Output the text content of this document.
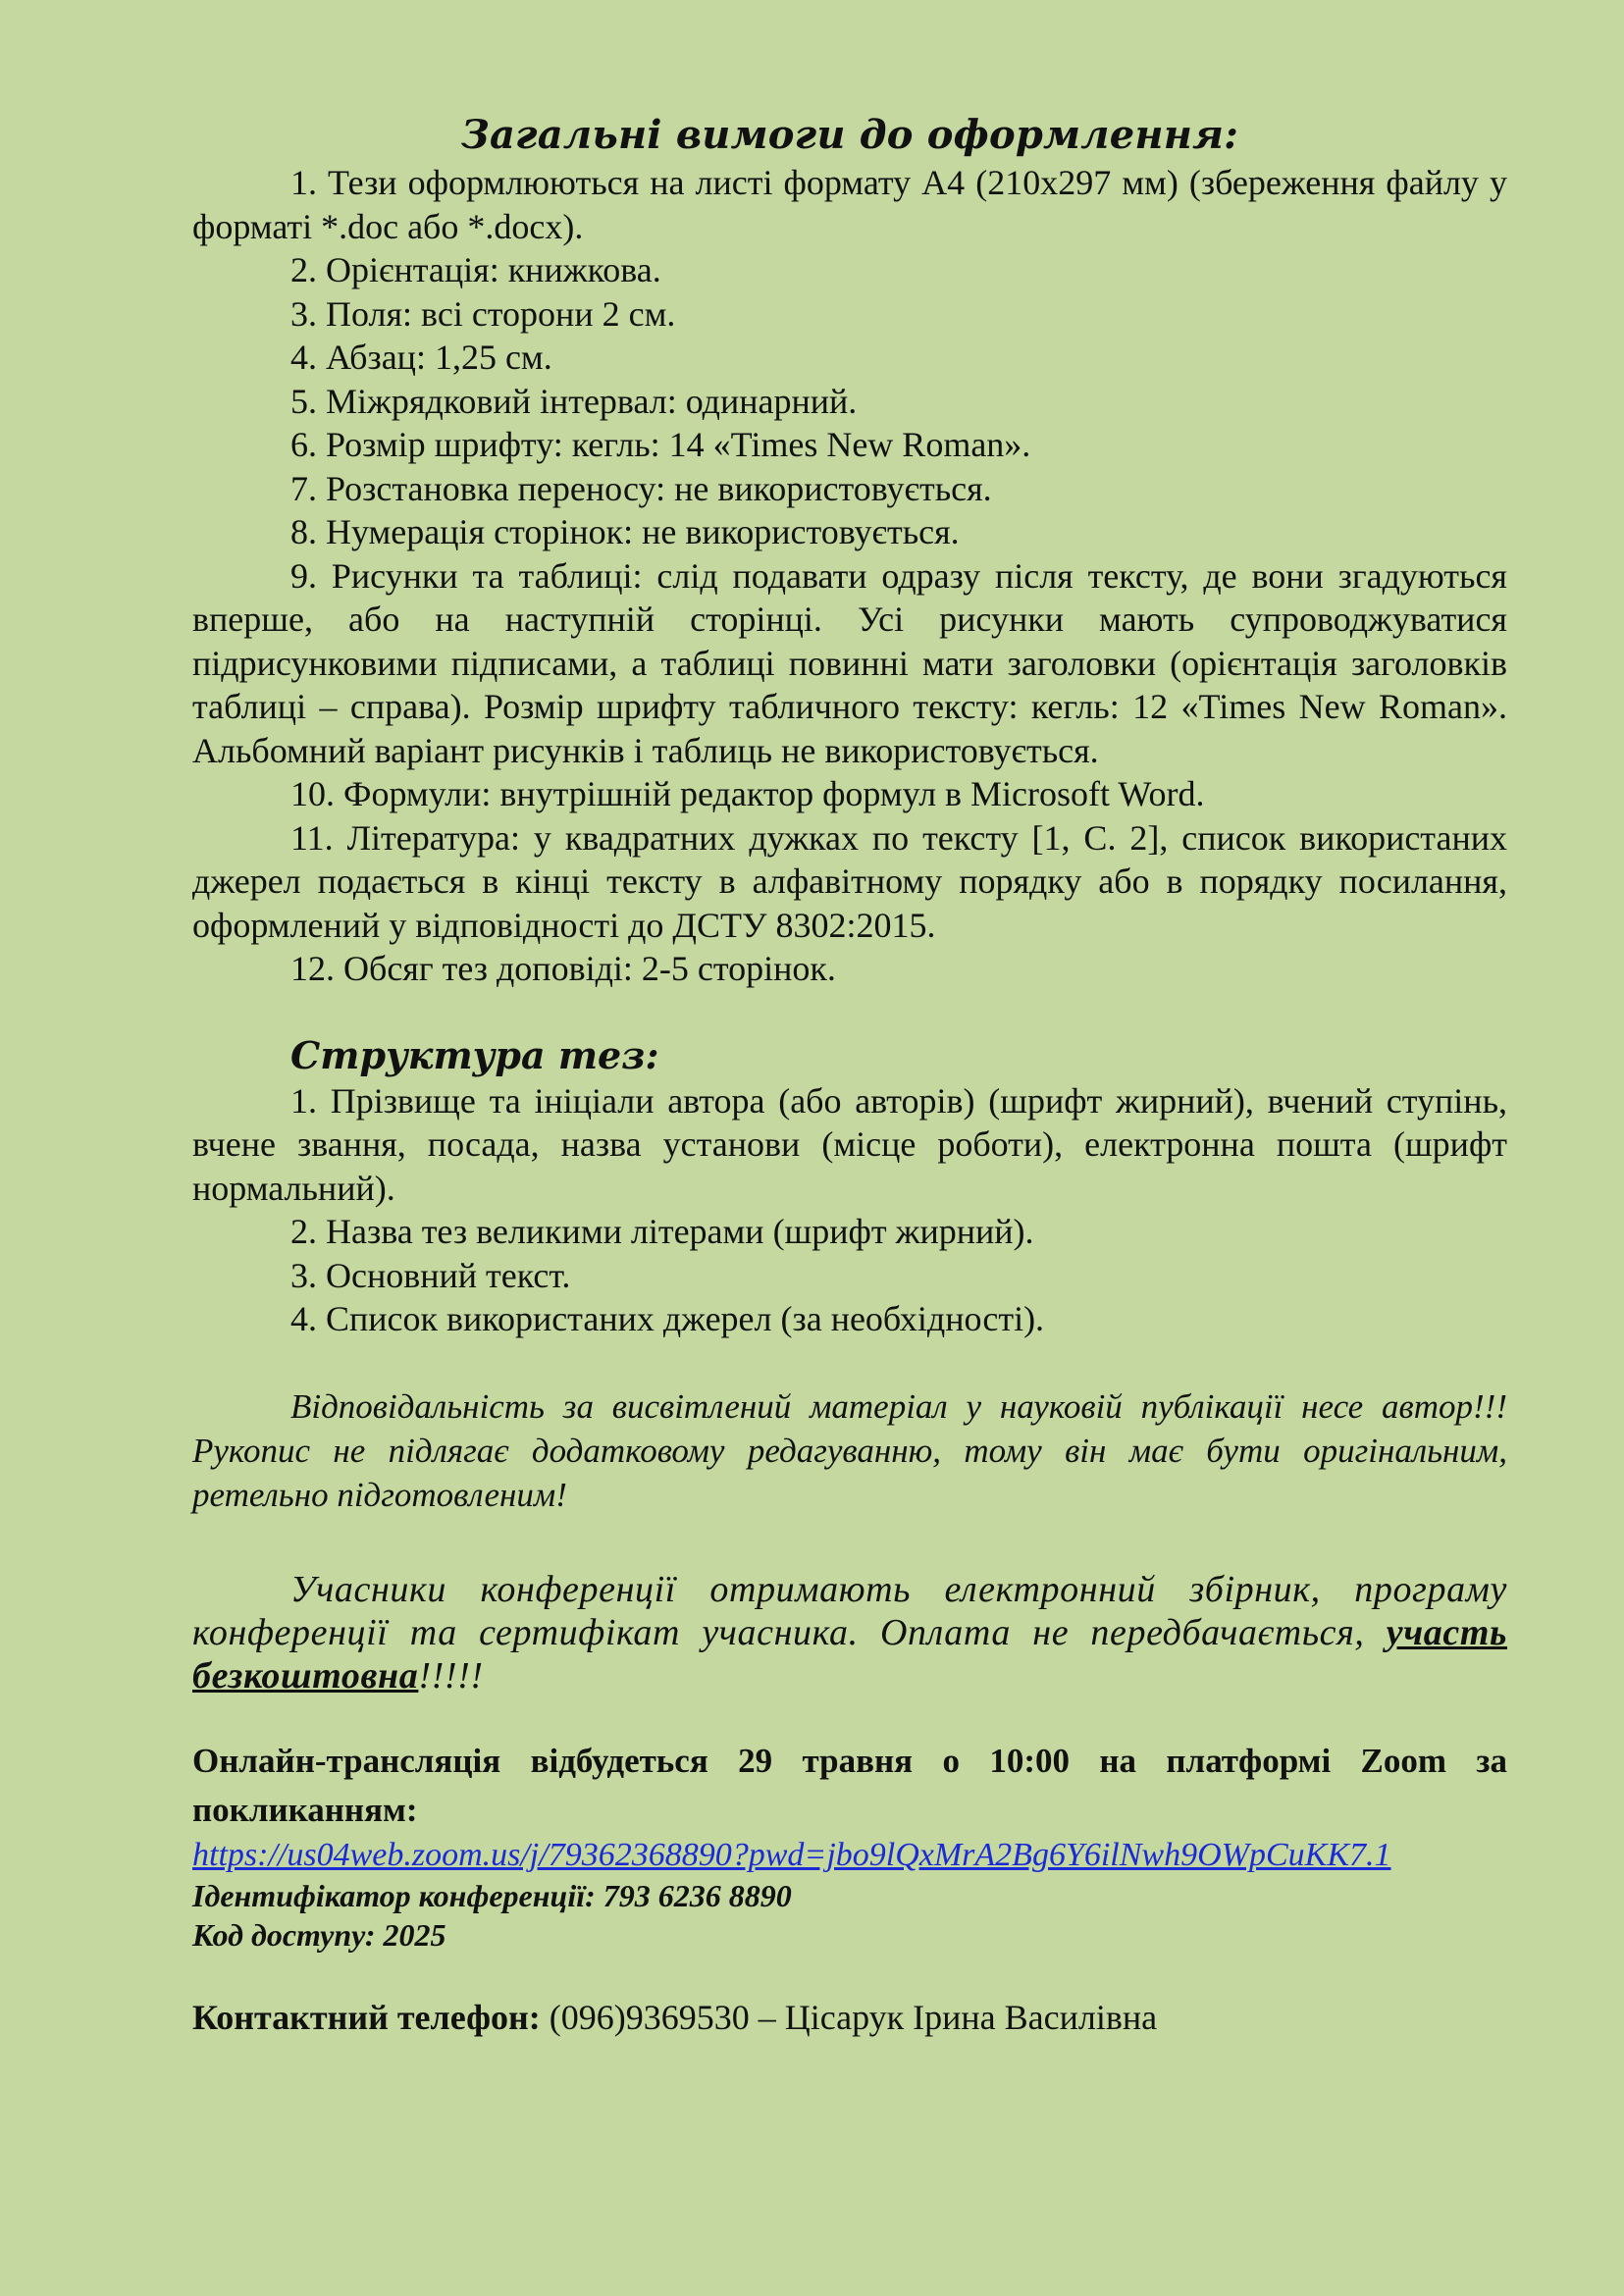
Загальні вимоги до оформлення:

1. Тези оформлюються на листі формату А4 (210х297 мм) (збереження файлу у форматі *.doc або *.docx).

2. Орієнтація: книжкова.

3. Поля: всі сторони 2 см.

4. Абзац: 1,25 см.

5. Міжрядковий інтервал: одинарний.

6. Розмір шрифту: кегль: 14 «Times New Roman».

7. Розстановка переносу: не використовується.

8. Нумерація сторінок: не використовується.

9. Рисунки та таблиці: слід подавати одразу після тексту, де вони згадуються вперше, або на наступній сторінці. Усі рисунки мають супроводжуватися підрисунковими підписами, а таблиці повинні мати заголовки (орієнтація заголовків таблиці – справа). Розмір шрифту табличного тексту: кегль: 12 «Times New Roman». Альбомний варіант рисунків і таблиць не використовується.

10. Формули: внутрішній редактор формул в Microsoft Word.

11. Література: у квадратних дужках по тексту [1, С. 2], список використаних джерел подається в кінці тексту в алфавітному порядку або в порядку посилання, оформлений у відповідності до ДСТУ 8302:2015.

12. Обсяг тез доповіді: 2-5 сторінок.

Структура тез:

1. Прізвище та ініціали автора (або авторів) (шрифт жирний), вчений ступінь, вчене звання, посада, назва установи (місце роботи), електронна пошта (шрифт нормальний).

2. Назва тез великими літерами (шрифт жирний).

3. Основний текст.

4. Список використаних джерел (за необхідності).

Відповідальність за висвітлений матеріал у науковій публікації несе автор!!! Рукопис не підлягає додатковому редагуванню, тому він має бути оригінальним, ретельно підготовленим!

Учасники конференції отримають електронний збірник, програму конференції та сертифікат учасника. Оплата не передбачається, участь безкоштовна!!!!!

Онлайн-трансляція відбудеться 29 травня о 10:00 на платформі Zoom за покликанням:

https://us04web.zoom.us/j/79362368890?pwd=jbo9lQxMrA2Bg6Y6ilNwh9OWpCuKK7.1

Ідентифікатор конференції: 793 6236 8890

Код доступу: 2025

Контактний телефон: (096)9369530 – Цісарук Ірина Василівна
